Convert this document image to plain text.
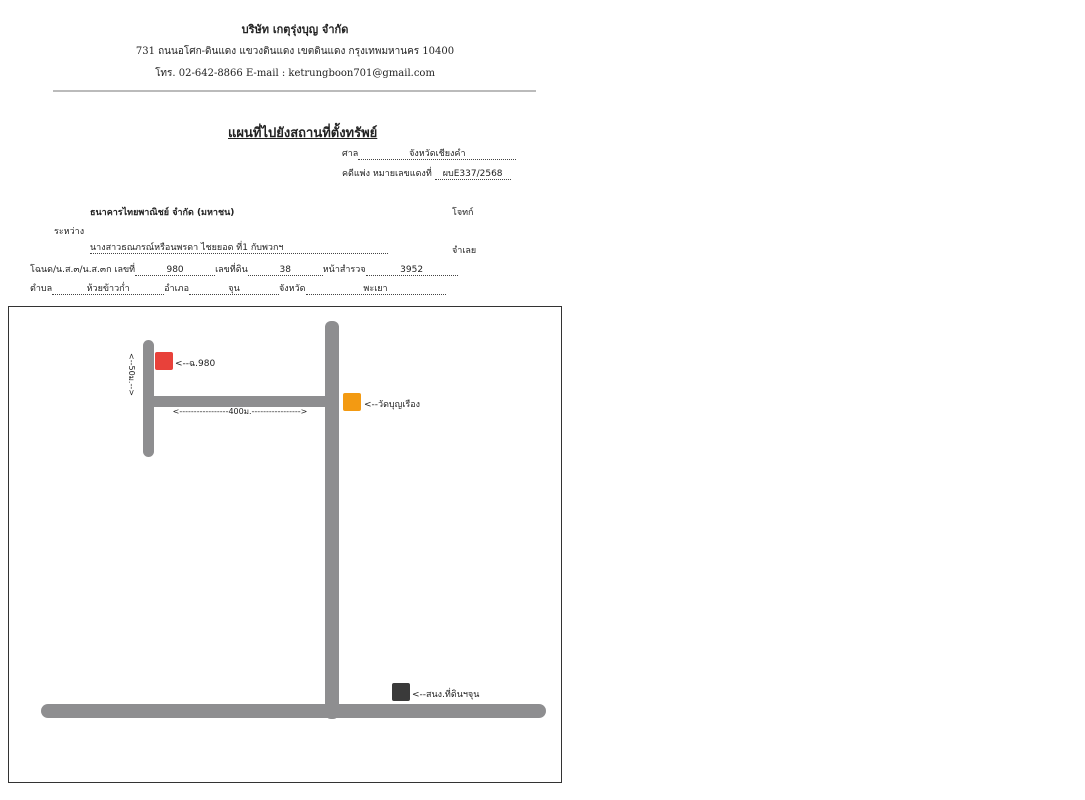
บริษัท เกตุรุ่งบุญ จำกัด
731 ถนนอโศก-ดินแดง แขวงดินแดง เขตดินแดง กรุงเทพมหานคร 10400
โทร. 02-642-8866 E-mail : ketrungboon701@gmail.com
แผนที่ไปยังสถานที่ตั้งทรัพย์
ศาล	จังหวัดเชียงคำ
คดีแพ่ง หมายเลขแดงที่ ผบE337/2568
ธนาคารไทยพาณิชย์ จำกัด (มหาชน)	โจทก์
ระหว่าง
นางสาวธณภรณ์หรือนพรดา ไชยยอด ที่1 กับพวกฯ	จำเลย
โฉนด/น.ส.๓/น.ส.๓ก เลขที่	980	เลขที่ดิน	38	หน้าสำรวจ	3952
ตำบล	ห้วยข้าวก่ำ	อำเภอ	จุน	จังหวัด	พะเยา
<--50ม.-->
<-----------------400ม.----------------->
<--ฉ.980
<--วัดบุญเรือง
<--สนง.ที่ดินฯจุน
